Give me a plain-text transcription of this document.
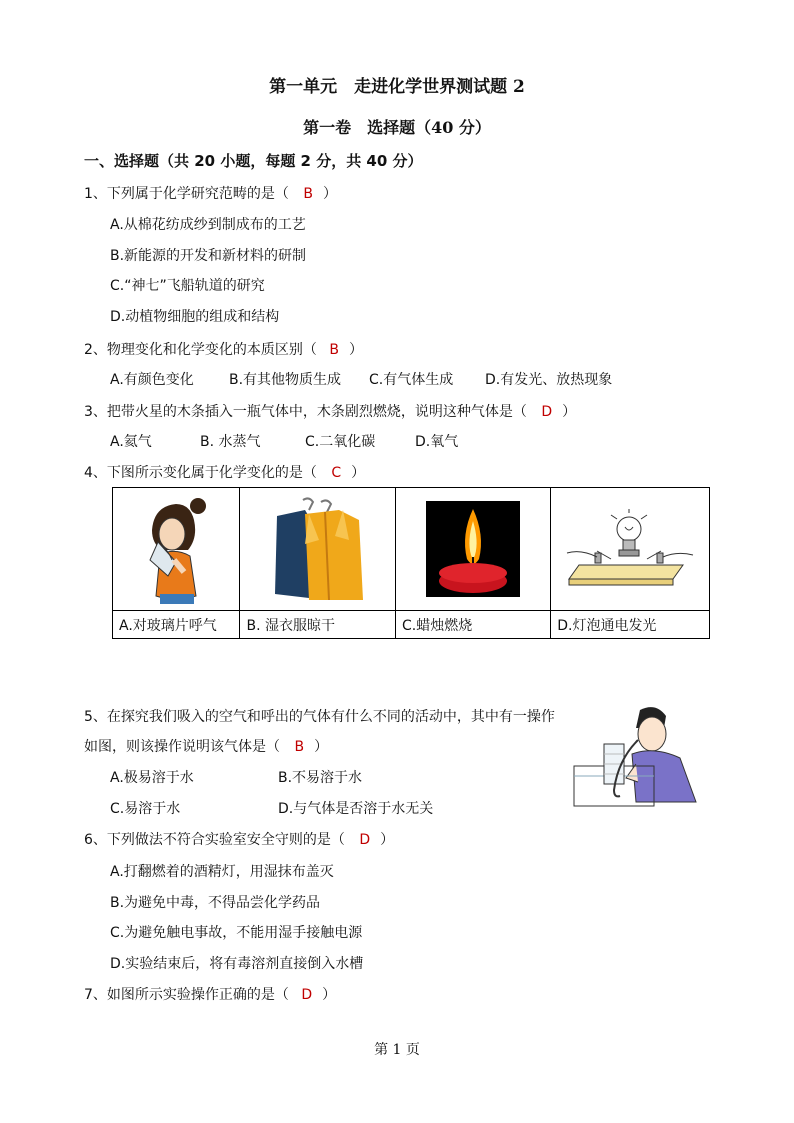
第一单元　走进化学世界测试题 2
第一卷　选择题（40 分）
一、选择题（共 20 小题，每题 2 分，共 40 分）
1、下列属于化学研究范畴的是（ B ）
A.从棉花纺成纱到制成布的工艺
B.新能源的开发和新材料的研制
C.“神七”飞船轨道的研究
D.动植物细胞的组成和结构
2、物理变化和化学变化的本质区别（ B ）
A.有颜色变化	B.有其他物质生成 C.有气体生成 D.有发光、放热现象
3、把带火星的木条插入一瓶气体中，木条剧烈燃烧，说明这种气体是（ D ）
A.氦气	B. 水蒸气	C.二氧化碳	D.氧气
4、下图所示变化属于化学变化的是（ C ）

A.对玻璃片呼气	B. 湿衣服晾干	C.蜡烛燃烧	D.灯泡通电发光
5、在探究我们吸入的空气和呼出的气体有什么不同的活动中，其中有一操作
如图，则该操作说明该气体是（ B ）
A.极易溶于水	B.不易溶于水
C.易溶于水	D.与气体是否溶于水无关
6、下列做法不符合实验室安全守则的是（ D ）
A.打翻燃着的酒精灯，用湿抹布盖灭
B.为避免中毒，不得品尝化学药品
C.为避免触电事故，不能用湿手接触电源
D.实验结束后，将有毒溶剂直接倒入水槽
7、如图所示实验操作正确的是（ D ）
第 1 页
